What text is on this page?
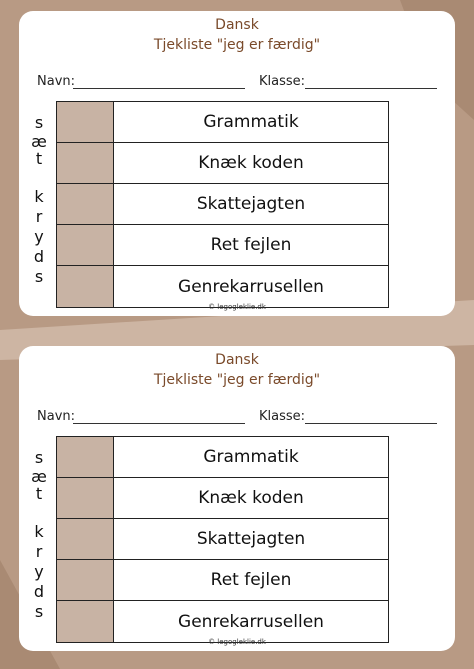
Dansk
Tjekliste "jeg er færdig"
Navn:	Klasse:
s
æ
t
k
r
y
d
s
Grammatik
Knæk koden
Skattejagten
Ret fejlen
Genrekarrusellen
© legogleklie.dk
Dansk
Tjekliste "jeg er færdig"
Navn:	Klasse:
s
æ
t
k
r
y
d
s
Grammatik
Knæk koden
Skattejagten
Ret fejlen
Genrekarrusellen
© legogleklie.dk
